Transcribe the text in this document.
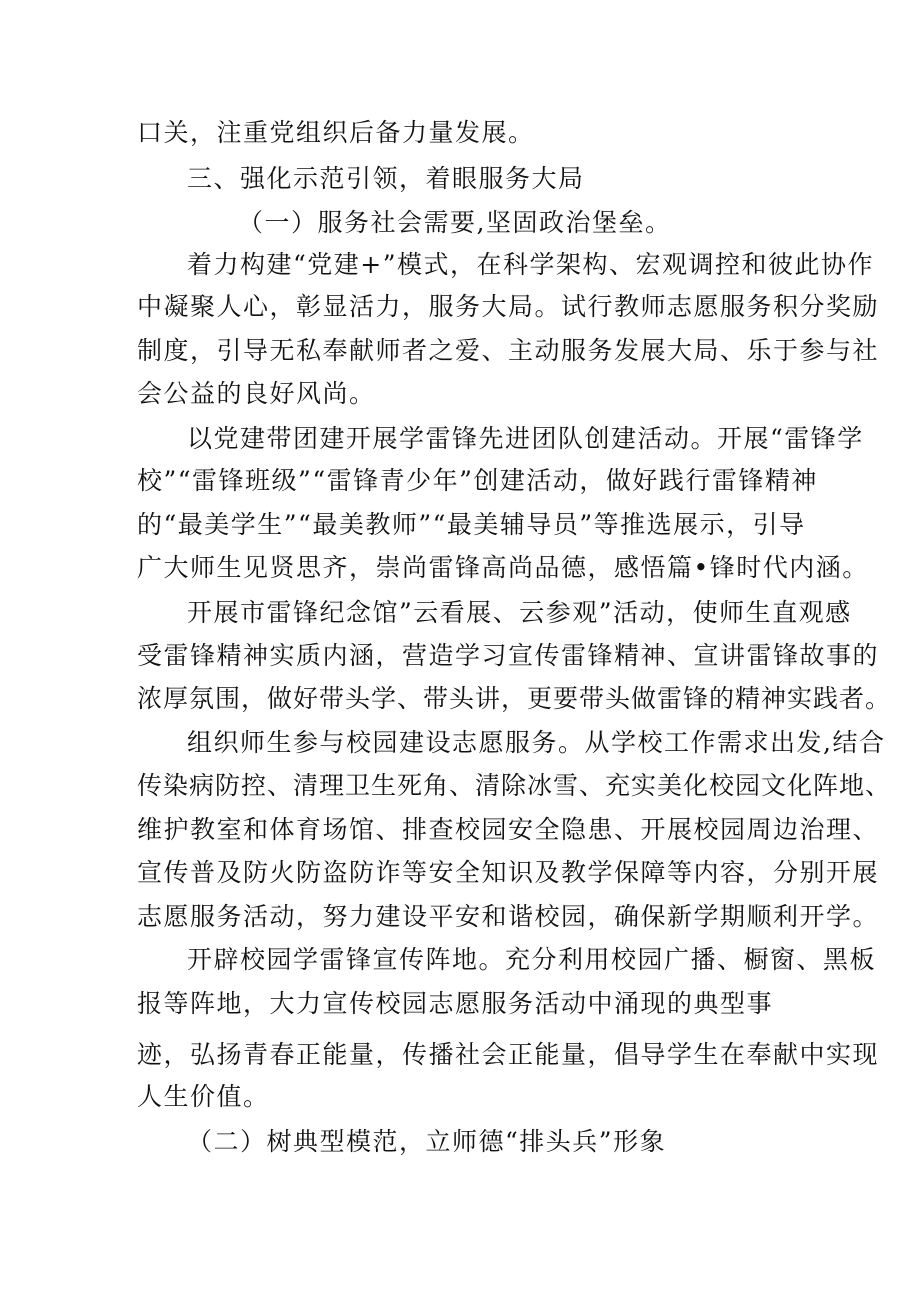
口关，注重党组织后备力量发展。
三、强化示范引领，着眼服务大局
（一）服务社会需要,坚固政治堡垒。
着力构建“党建+”模式，在科学架构、宏观调控和彼此协作
中凝聚人心，彰显活力，服务大局。试行教师志愿服务积分奖励
制度，引导无私奉献师者之爱、主动服务发展大局、乐于参与社
会公益的良好风尚。
以党建带团建开展学雷锋先进团队创建活动。开展“雷锋学
校”“雷锋班级”“雷锋青少年”创建活动，做好践行雷锋精神
的“最美学生”“最美教师”“最美辅导员”等推选展示，引导
广大师生见贤思齐，崇尚雷锋高尚品德，感悟篇•锋时代内涵。
开展市雷锋纪念馆”云看展、云参观”活动，使师生直观感
受雷锋精神实质内涵，营造学习宣传雷锋精神、宣讲雷锋故事的
浓厚氛围，做好带头学、带头讲，更要带头做雷锋的精神实践者。
组织师生参与校园建设志愿服务。从学校工作需求出发,结合
传染病防控、清理卫生死角、清除冰雪、充实美化校园文化阵地、
维护教室和体育场馆、排查校园安全隐患、开展校园周边治理、
宣传普及防火防盗防诈等安全知识及教学保障等内容，分别开展
志愿服务活动，努力建设平安和谐校园，确保新学期顺利开学。
开辟校园学雷锋宣传阵地。充分利用校园广播、橱窗、黑板
报等阵地，大力宣传校园志愿服务活动中涌现的典型事
迹，弘扬青春正能量，传播社会正能量，倡导学生在奉献中实现
人生价值。
（二）树典型模范，立师德“排头兵”形象
